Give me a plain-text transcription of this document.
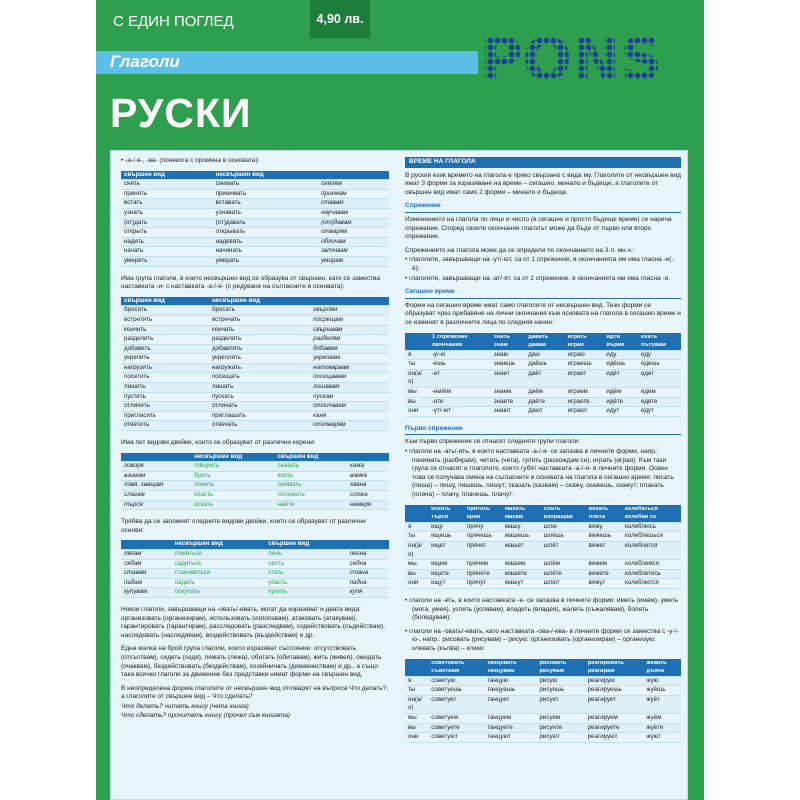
С ЕДИН ПОГЛЕД	4,90 лв.
PONS
Глаголи
РУСКИ

• -а-/-я-, -ва- (понякога с промяна в основата):

свършен вид	несвършен вид	
снять	снимать	сеялям
принять	принимать	приемам
встать	вставать	ставам
узнать	узнавать	научавам
(от)дать	(от)давать	(от)давам
открыть	открывать	отварям
надеть	надевать	обличам
начать	начинать	започвам
умереть	умирать	умирам

Има група глаголи, в които несвършен вид се образува от свършен, като се замества наставката -и- с наставката -а-/-я- (с редуване на съгласните в основата):

свършен вид	несвършен вид	
бросить	бросать	хвърлям
встретить	встречать	посрещам
кончить	кончать	свършвам
разделить	разделять	разделям
добавить	добавлять	добавям
укрепить	укреплять	укрепвам
нагрузить	нагружать	натоварвам
посетить	посещать	посещавам
лишить	лишать	лишавам
пустить	пускать	пускам
отличить	отличать	отличавам
пригласить	приглашать	каня
ответить	отвечать	отговарям

Има пет видови двойки, които се образуват от различни корени:

	несвършен вид	свършен вид	
говоря	говорить	сказать	кажа
взимам	брать	взять	взема
ловя, хващам	ловить	поймать	хвана
слагам	класть	положить	сложа
търся	искать	найти	намеря

Трябва да се запомнят следните видови двойки, които се образуват от различни основи:

	несвършен вид	свършен вид	
лягам	ложиться	лечь	легна
сядам	садиться	сесть	седна
ставам	становиться	стать	стана
падам	падать	упасть	падна
купувам	покупать	купить	купя

Някои глаголи, завършващи на -овать/-евать, могат да изразяват и двата вида: организовать (организирам), использовать (използвам), атаковать (атакувам), гарантировать (гарантирам), расследовать (разследвам), содействовать (съдействам), наследовать (наследявам), воздействовать (въздействам) и др.

Една малка на брой група глаголи, които изразяват състояние: отсутствовать (отсъствам), сидеть (седя), лежать (лежа), обитать (обитавам), жить (живея), ожидать (очаквам), бездействовать (бездействам), хозяйничать (домакинствам) и др., а също така всички глаголи за движение без представки нямат форми на свършен вид.

В неопределена форма глаголите от несвършен вид отговарят на въпроса Что делать?, а глаголите от свършен вид – Что сделать?

Что делать? читать книгу (чета книга)

Что сделать? прочитать книгу (прочел съм книгата)

ВРЕМЕ НА ГЛАГОЛА

В руския език времето на глагола е пряко свързано с вида му. Глаголите от несвършен вид имат 3 форми за изразяване на време – сегашно, минало и бъдеще, а глаголите от свършен вид имат само 2 форми – минало и бъдеще.

Спрежение

Изменението на глагола по лице и число (в сегашно и просто бъдеще време) се нарича спрежение. Според своите окончания глаголът може да бъде от първо или второ спрежение.

Спрежението на глагола може да се определи по окончанието на 3 л. мн.ч.:

• глаголите, завършващи на -ут/-ют, са от 1 спрежение, в окончанията им има гласна -е(-ё);

• глаголите, завършващи на -ат/-ят, са от 2 спрежение, в окончанията им има гласна -и.

Сегашно време

Форми на сегашно време имат само глаголите от несвършен вид. Тези форми се образуват чрез прибавяне на лични окончания към основата на глагола в сегашно време и се изменят в различните лица по следния начин:

	1 спрежение окончания	знать знам	давать давам	играть играя	идти вървя	ехать пътувам
я	-у/-ю	знаю	даю	играю	иду	еду
ты	-ешь	знаешь	даёшь	играешь	идёшь	едешь
он(а/о)	-ет	знает	даёт	играет	идёт	едет
мы	-ем/ём	знаем	даём	играем	идём	едем
вы	-ете	знаете	даёте	играете	идёте	едете
они	-ут/-ют	знают	дают	играют	идут	едут
Първо спрежение

Към първо спрежение се отнасят следните групи глаголи:

• глаголи на -ать/-ять, в които наставката -а-/-я- се запазва в личните форми, напр.: понимать (разбирам), читать (чета), гулять (разхождам се), играть (играя). Към тази група се отнасят и глаголите, които губят наставката -а-/-я- в личните форми. Освен това се получава смяна на съгласните в основата на глагола в сегашно време: писать (пиша) – пишу, пишешь, пишут; сказать (казвам) – скажу, скажешь, скажут; плакать (плача) – плачу, плачешь, плачут;

	искать търся	прятать крия	махать махам	слать изпращам	вязать плета	колебаться колебая се
я	ищу	прячу	машу	шлю	вяжу	колеблюсь
ты	ищешь	прячешь	машешь	шлёшь	вяжешь	колеблешься
он(а/о)	ищет	прячет	машет	шлёт	вяжет	колеблется
мы	ищем	прячем	машем	шлём	вяжем	колеблемся
вы	ищете	прячете	машете	шлёте	вяжете	колеблетесь
они	ищут	прячут	машут	шлют	вяжут	колеблются

• глаголи на -еть, в които наставката -е- се запазва в личните форми: иметь (имам), уметь (мога, умея), успеть (успявам), владеть (владея), жалеть (съжалявам), болеть (боледувам);

• глаголи на -овать/-евать, като наставката -ова-/-ева- в личните форми се замества с -у-/-ю-, напр.: рисовать (рисувам) – рисую; организовать (организирам) – организую; клевать (кълва) – клюю:

	советовать съветвам	танцевать танцувам	рисовать рисувам	реагировать реагирам	жевать дъвча
я	советую	танцую	рисую	реагирую	жую
ты	советуешь	танцуешь	рисуешь	реагируешь	жуёшь
он(а/о)	советует	танцует	рисует	реагирует	жуёт
мы	советуем	танцуем	рисуем	реагируем	жуём
вы	советуете	танцуете	рисуете	реагируете	жуёте
они	советуют	танцуют	рисуют	реагируют	жуют
